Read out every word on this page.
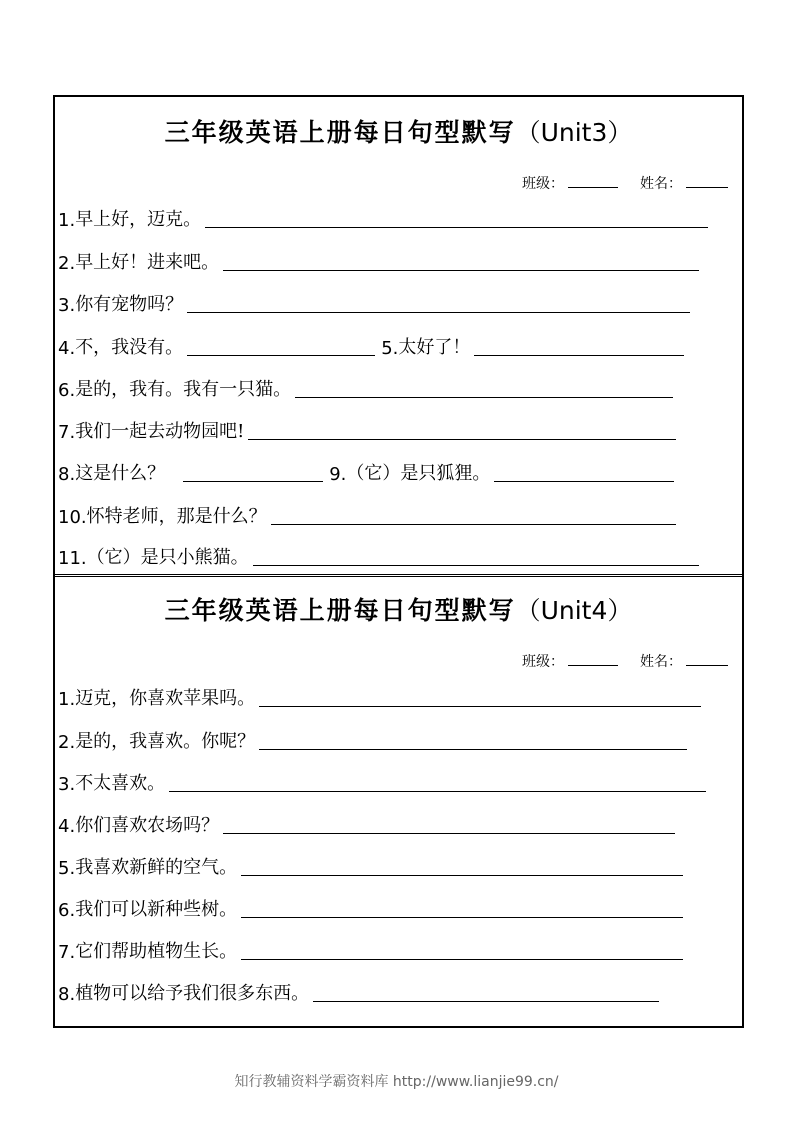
三年级英语上册每日句型默写（Unit3）
班级：	姓名：
1. 早上好，迈克。
2. 早上好！进来吧。
3. 你有宠物吗？
4. 不，我没有。	5. 太好了！
6. 是的，我有。我有一只猫。
7. 我们一起去动物园吧!
8. 这是什么？	9. （它）是只狐狸。
10. 怀特老师，那是什么？
11. （它）是只小熊猫。
三年级英语上册每日句型默写（Unit4）
班级：	姓名：
1. 迈克，你喜欢苹果吗。
2. 是的，我喜欢。你呢？
3. 不太喜欢。
4. 你们喜欢农场吗？
5. 我喜欢新鲜的空气。
6. 我们可以新种些树。
7. 它们帮助植物生长。
8. 植物可以给予我们很多东西。
知行教辅资料学霸资料库 http://www.lianjie99.cn/
